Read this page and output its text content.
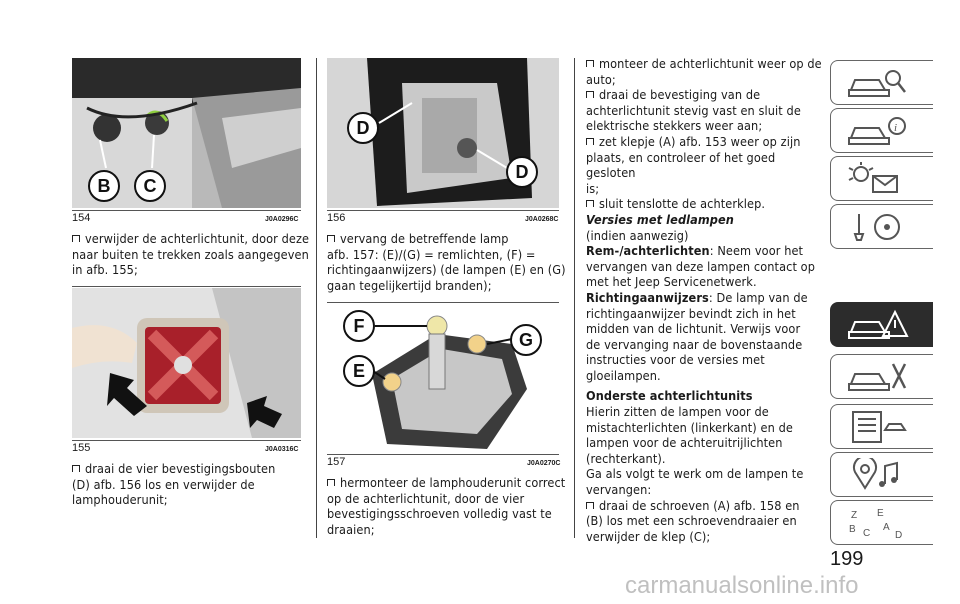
B	C
154	J0A0296C
verwijder de achterlichtunit, door deze
naar buiten te trekken zoals aangegeven
in afb. 155;
155	J0A0316C
draai de vier bevestigingsbouten
(D) afb. 156 los en verwijder de
lamphouderunit;
D
D
156	J0A0268C
vervang de betreffende lamp
afb. 157: (E)/(G) = remlichten, (F) =
richtingaanwijzers) (de lampen (E) en (G)
gaan tegelijkertijd branden);
F
G
E
157	J0A0270C
hermonteer de lamphouderunit correct
op de achterlichtunit, door de vier
bevestigingsschroeven volledig vast te
draaien;
monteer de achterlichtunit weer op de
auto;
draai de bevestiging van de
achterlichtunit stevig vast en sluit de
elektrische stekkers weer aan;
zet klepje (A) afb. 153 weer op zijn
plaats, en controleer of het goed gesloten
is;
sluit tenslotte de achterklep.
Versies met ledlampen
(indien aanwezig)
Rem-/achterlichten: Neem voor het
vervangen van deze lampen contact op
met het Jeep Servicenetwerk.
Richtingaanwijzers: De lamp van de
richtingaanwijzer bevindt zich in het
midden van de lichtunit. Verwijs voor
de vervanging naar de bovenstaande
instructies voor de versies met
gloeilampen.
Onderste achterlichtunits
Hierin zitten de lampen voor de
mistachterlichten (linkerkant) en de
lampen voor de achteruitrijlichten
(rechterkant).
Ga als volgt te werk om de lampen te
vervangen:
draai de schroeven (A) afb. 158 en
(B) los met een schroevendraaier en
verwijder de klep (C);
i
Z E
B C
A
D
199
carmanualsonline.info
